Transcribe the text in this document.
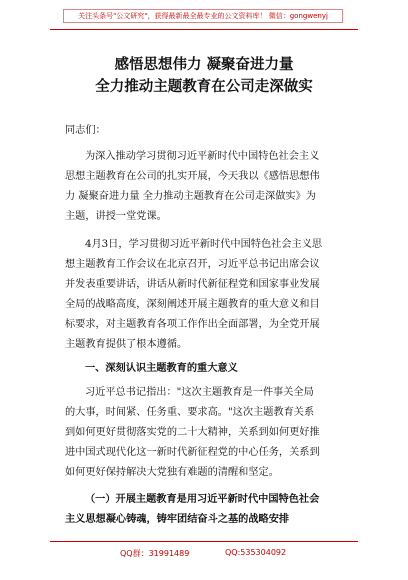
关注头条号"公文研究"，获得最新最全最专业的公文资料库！ 微信：gongwenyj
感悟思想伟力 凝聚奋进力量
全力推动主题教育在公司走深做实
同志们：
为深入推动学习贯彻习近平新时代中国特色社会主义
思想主题教育在公司的扎实开展，今天我以《感悟思想伟
力 凝聚奋进力量 全力推动主题教育在公司走深做实》为
主题，讲授一堂党课。
4月3日，学习贯彻习近平新时代中国特色社会主义思
想主题教育工作会议在北京召开，习近平总书记出席会议
并发表重要讲话，讲话从新时代新征程党和国家事业发展
全局的战略高度，深刻阐述开展主题教育的重大意义和目
标要求，对主题教育各项工作作出全面部署，为全党开展
主题教育提供了根本遵循。
一、深刻认识主题教育的重大意义
习近平总书记指出："这次主题教育是一件事关全局
的大事，时间紧、任务重、要求高。"这次主题教育关系
到如何更好贯彻落实党的二十大精神，关系到如何更好推
进中国式现代化这一新时代新征程党的中心任务，关系到
如何更好保持解决大党独有难题的清醒和坚定。
（一）开展主题教育是用习近平新时代中国特色社会
主义思想凝心铸魂，铸牢团结奋斗之基的战略安排
QQ群：31991489	QQ:535304092
